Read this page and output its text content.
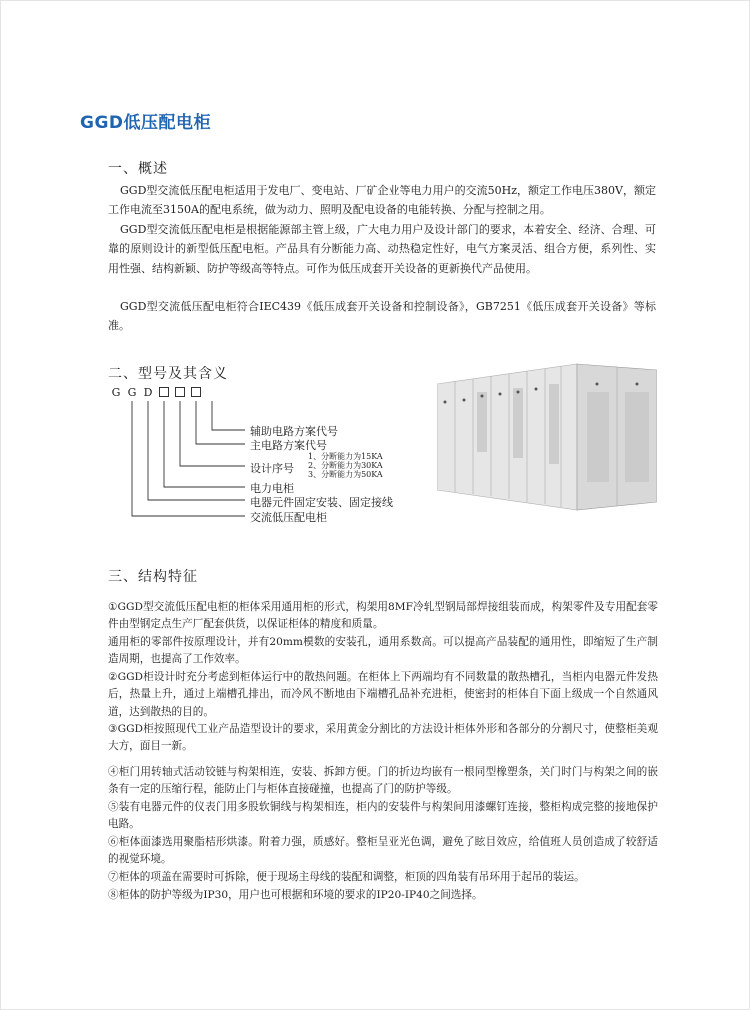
GGD低压配电柜
一、概述

GGD型交流低压配电柜适用于发电厂、变电站、厂矿企业等电力用户的交流50Hz，额定工作电压380V，额定工作电流至3150A的配电系统，做为动力、照明及配电设备的电能转换、分配与控制之用。

GGD型交流低压配电柜是根据能源部主管上级，广大电力用户及设计部门的要求，本着安全、经济、合理、可靠的原则设计的新型低压配电柜。产品具有分断能力高、动热稳定性好，电气方案灵活、组合方便，系列性、实用性强、结构新颖、防护等级高等特点。可作为低压成套开关设备的更新换代产品使用。

GGD型交流低压配电柜符合IEC439《低压成套开关设备和控制设备》，GB7251《低压成套开关设备》等标准。

二、型号及其含义
G G D
辅助电路方案代号
主电路方案代号
1、分断能力为15KA
2、分断能力为30KA
3、分断能力为50KA
设计序号
电力电柜
电器元件固定安装、固定接线
交流低压配电柜
三、结构特征

①GGD型交流低压配电柜的柜体采用通用柜的形式，构架用8MF冷轧型钢局部焊接组装而成，构架零件及专用配套零件由型钢定点生产厂配套供货，以保证柜体的精度和质量。

通用柜的零部件按原理设计，并有20mm模数的安装孔，通用系数高。可以提高产品装配的通用性，即缩短了生产制造周期，也提高了工作效率。

②GGD柜设计时充分考虑到柜体运行中的散热问题。在柜体上下两端均有不同数量的散热槽孔，当柜内电器元件发热后，热量上升，通过上端槽孔排出，而冷风不断地由下端槽孔品补充进柜，使密封的柜体自下面上级成一个自然通风道，达到散热的目的。

③GGD柜按照现代工业产品造型设计的要求，采用黄金分割比的方法设计柜体外形和各部分的分割尺寸，使整柜美观大方，面目一新。

④柜门用转轴式活动铰链与构架相连，安装、拆卸方便。门的折边均嵌有一根同型橡塑条，关门时门与构架之间的嵌条有一定的压缩行程，能防止门与柜体直接碰撞，也提高了门的防护等级。

⑤装有电器元件的仪表门用多股软铜线与构架相连，柜内的安装件与构架间用漆螺钉连接，整柜构成完整的接地保护电路。

⑥柜体面漆选用聚脂桔形烘漆。附着力强，质感好。整柜呈亚光色调，避免了眩目效应，给值班人员创造成了较舒适的视觉环境。

⑦柜体的项盖在需要时可拆除，便于现场主母线的装配和调整，柜顶的四角装有吊环用于起吊的装运。

⑧柜体的防护等级为IP30，用户也可根据和环境的要求的IP20-IP40之间选择。
